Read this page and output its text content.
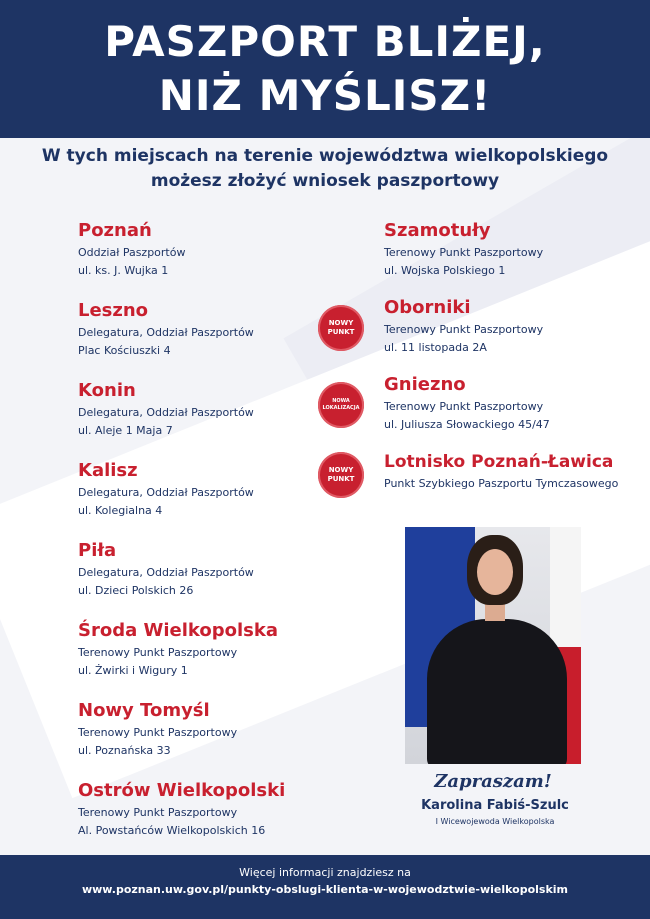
PASZPORT BLIŻEJ,
NIŻ MYŚLISZ!
W tych miejscach na terenie województwa wielkopolskiego
możesz złożyć wniosek paszportowy
Poznań
Oddział Paszportów
ul. ks. J. Wujka 1
Leszno
Delegatura, Oddział Paszportów
Plac Kościuszki 4
Konin
Delegatura, Oddział Paszportów
ul. Aleje 1 Maja 7
Kalisz
Delegatura, Oddział Paszportów
ul. Kolegialna 4
Piła
Delegatura, Oddział Paszportów
ul. Dzieci Polskich 26
Środa Wielkopolska
Terenowy Punkt Paszportowy
ul. Żwirki i Wigury 1
Nowy Tomyśl
Terenowy Punkt Paszportowy
ul. Poznańska 33
Ostrów Wielkopolski
Terenowy Punkt Paszportowy
Al. Powstańców Wielkopolskich 16
Szamotuły
Terenowy Punkt Paszportowy
ul. Wojska Polskiego 1
Oborniki
Terenowy Punkt Paszportowy
ul. 11 listopada 2A
Gniezno
Terenowy Punkt Paszportowy
ul. Juliusza Słowackiego 45/47
Lotnisko Poznań-Ławica
Punkt Szybkiego Paszportu Tymczasowego
NOWY
PUNKT
NOWA
LOKALIZACJA
NOWY
PUNKT
Zapraszam!
Karolina Fabiś-Szulc
I Wicewojewoda Wielkopolska
Więcej informacji znajdziesz na
www.poznan.uw.gov.pl/punkty-obslugi-klienta-w-wojewodztwie-wielkopolskim
